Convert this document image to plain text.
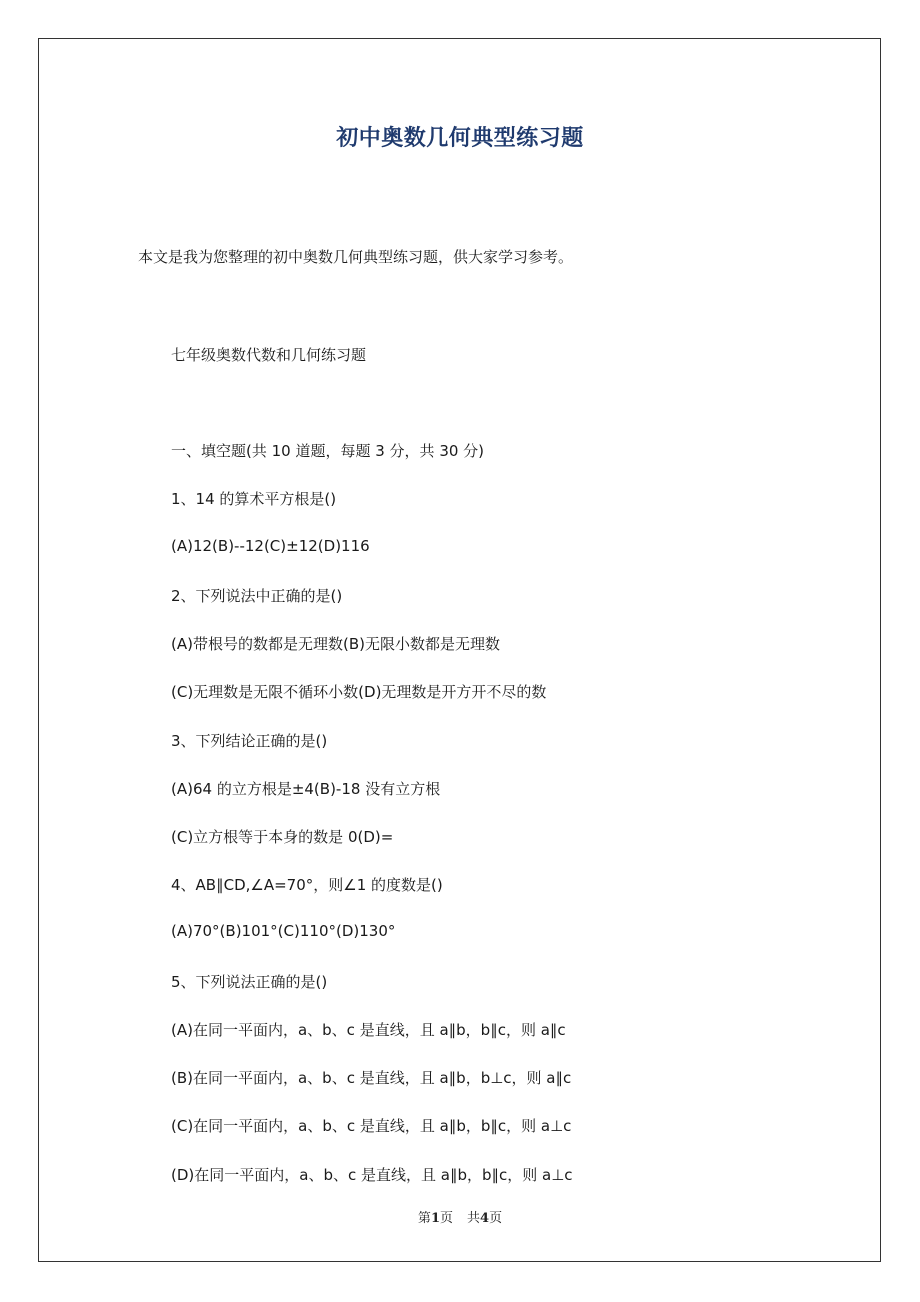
初中奥数几何典型练习题

本文是我为您整理的初中奥数几何典型练习题，供大家学习参考。

七年级奥数代数和几何练习题

一、填空题(共 10 道题，每题 3 分，共 30 分)

1、14 的算术平方根是()

(A)12(B)--12(C)±12(D)116

2、下列说法中正确的是()

(A)带根号的数都是无理数(B)无限小数都是无理数

(C)无理数是无限不循环小数(D)无理数是开方开不尽的数

3、下列结论正确的是()

(A)64 的立方根是±4(B)-18 没有立方根

(C)立方根等于本身的数是 0(D)=

4、AB∥CD,∠A=70°，则∠1 的度数是()

(A)70°(B)101°(C)110°(D)130°

5、下列说法正确的是()

(A)在同一平面内，a、b、c 是直线，且 a∥b，b∥c，则 a∥c

(B)在同一平面内，a、b、c 是直线，且 a∥b，b⊥c，则 a∥c

(C)在同一平面内，a、b、c 是直线，且 a∥b，b∥c，则 a⊥c

(D)在同一平面内，a、b、c 是直线，且 a∥b，b∥c，则 a⊥c

第1页 共4页
